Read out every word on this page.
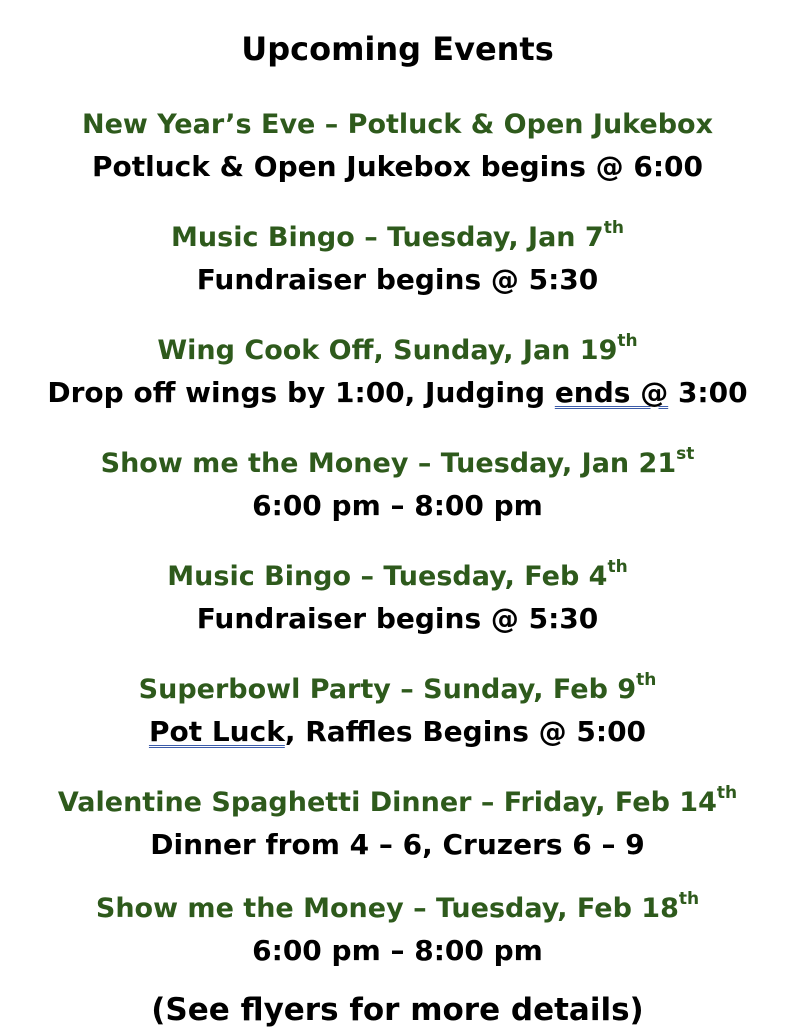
Upcoming Events
New Year’s Eve – Potluck & Open Jukebox
Potluck & Open Jukebox begins @ 6:00
Music Bingo – Tuesday, Jan 7th
Fundraiser begins @ 5:30
Wing Cook Off, Sunday, Jan 19th
Drop off wings by 1:00, Judging ends @ 3:00
Show me the Money – Tuesday, Jan 21st
6:00 pm – 8:00 pm
Music Bingo – Tuesday, Feb 4th
Fundraiser begins @ 5:30
Superbowl Party – Sunday, Feb 9th
Pot Luck, Raffles Begins @ 5:00
Valentine Spaghetti Dinner – Friday, Feb 14th
Dinner from 4 – 6, Cruzers 6 – 9
Show me the Money – Tuesday, Feb 18th
6:00 pm – 8:00 pm
(See flyers for more details)
